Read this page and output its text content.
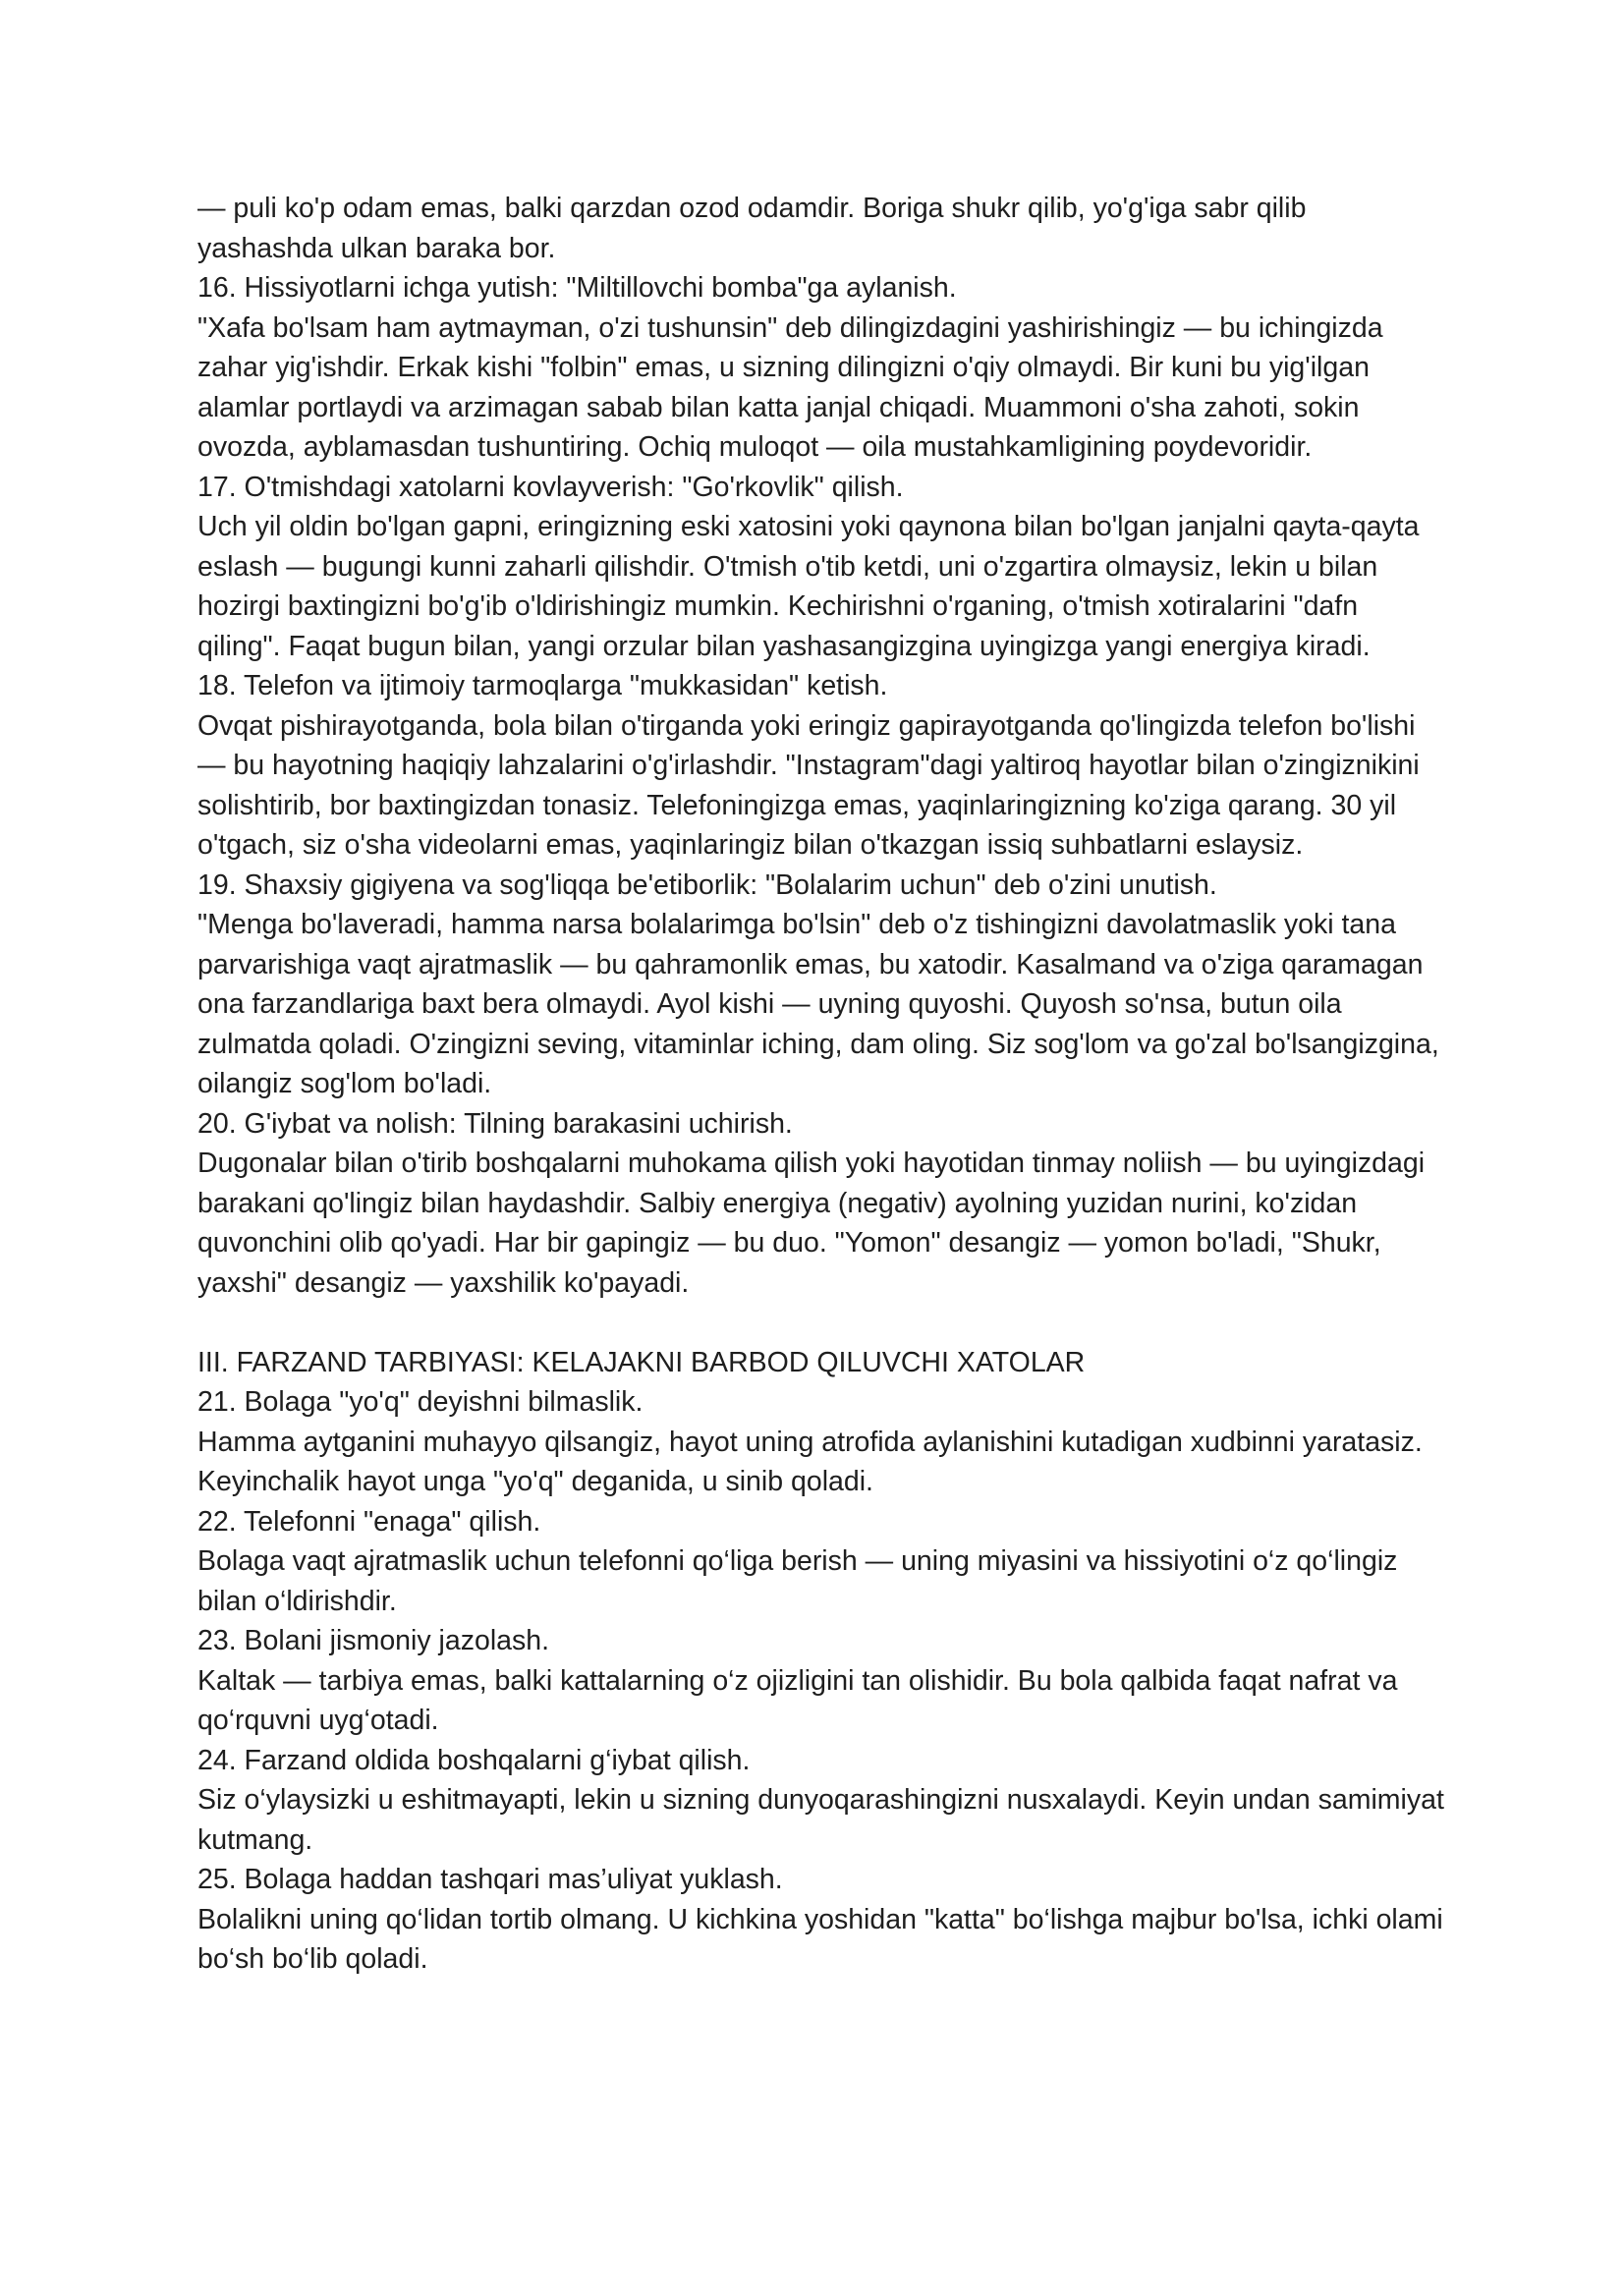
— puli ko'p odam emas, balki qarzdan ozod odamdir. Boriga shukr qilib, yo'g'iga sabr qilib yashashda ulkan baraka bor.

16. Hissiyotlarni ichga yutish: "Miltillovchi bomba"ga aylanish.

"Xafa bo'lsam ham aytmayman, o'zi tushunsin" deb dilingizdagini yashirishingiz — bu ichingizda zahar yig'ishdir. Erkak kishi "folbin" emas, u sizning dilingizni o'qiy olmaydi. Bir kuni bu yig'ilgan alamlar portlaydi va arzimagan sabab bilan katta janjal chiqadi. Muammoni o'sha zahoti, sokin ovozda, ayblamasdan tushuntiring. Ochiq muloqot — oila mustahkamligining poydevoridir.

17. O'tmishdagi xatolarni kovlayverish: "Go'rkovlik" qilish.

Uch yil oldin bo'lgan gapni, eringizning eski xatosini yoki qaynona bilan bo'lgan janjalni qayta-qayta eslash — bugungi kunni zaharli qilishdir. O'tmish o'tib ketdi, uni o'zgartira olmaysiz, lekin u bilan hozirgi baxtingizni bo'g'ib o'ldirishingiz mumkin. Kechirishni o'rganing, o'tmish xotiralarini "dafn qiling". Faqat bugun bilan, yangi orzular bilan yashasangizgina uyingizga yangi energiya kiradi.

18. Telefon va ijtimoiy tarmoqlarga "mukkasidan" ketish.

Ovqat pishirayotganda, bola bilan o'tirganda yoki eringiz gapirayotganda qo'lingizda telefon bo'lishi — bu hayotning haqiqiy lahzalarini o'g'irlashdir. "Instagram"dagi yaltiroq hayotlar bilan o'zingiznikini solishtirib, bor baxtingizdan tonasiz. Telefoningizga emas, yaqinlaringizning ko'ziga qarang. 30 yil o'tgach, siz o'sha videolarni emas, yaqinlaringiz bilan o'tkazgan issiq suhbatlarni eslaysiz.

19. Shaxsiy gigiyena va sog'liqqa be'etiborlik: "Bolalarim uchun" deb o'zini unutish.

"Menga bo'laveradi, hamma narsa bolalarimga bo'lsin" deb o'z tishingizni davolatmaslik yoki tana parvarishiga vaqt ajratmaslik — bu qahramonlik emas, bu xatodir. Kasalmand va o'ziga qaramagan ona farzandlariga baxt bera olmaydi. Ayol kishi — uyning quyoshi. Quyosh so'nsa, butun oila zulmatda qoladi. O'zingizni seving, vitaminlar iching, dam oling. Siz sog'lom va go'zal bo'lsangizgina, oilangiz sog'lom bo'ladi.

20. G'iybat va nolish: Tilning barakasini uchirish.

Dugonalar bilan o'tirib boshqalarni muhokama qilish yoki hayotidan tinmay noliish — bu uyingizdagi barakani qo'lingiz bilan haydashdir. Salbiy energiya (negativ) ayolning yuzidan nurini, ko'zidan quvonchini olib qo'yadi. Har bir gapingiz — bu duo. "Yomon" desangiz — yomon bo'ladi, "Shukr, yaxshi" desangiz — yaxshilik ko'payadi.

III. FARZAND TARBIYASI: KELAJAKNI BARBOD QILUVCHI XATOLAR

21. Bolaga "yo'q" deyishni bilmaslik.

Hamma aytganini muhayyo qilsangiz, hayot uning atrofida aylanishini kutadigan xudbinni yaratasiz. Keyinchalik hayot unga "yo'q" deganida, u sinib qoladi.

22. Telefonni "enaga" qilish.

Bolaga vaqt ajratmaslik uchun telefonni qo‘liga berish — uning miyasini va hissiyotini o‘z qo‘lingiz bilan o‘ldirishdir.

23. Bolani jismoniy jazolash.

Kaltak — tarbiya emas, balki kattalarning o‘z ojizligini tan olishidir. Bu bola qalbida faqat nafrat va qo‘rquvni uyg‘otadi.

24. Farzand oldida boshqalarni g‘iybat qilish.

Siz o‘ylaysizki u eshitmayapti, lekin u sizning dunyoqarashingizni nusxalaydi. Keyin undan samimiyat kutmang.

25. Bolaga haddan tashqari mas’uliyat yuklash.

Bolalikni uning qo‘lidan tortib olmang. U kichkina yoshidan "katta" bo‘lishga majbur bo'lsa, ichki olami bo‘sh bo‘lib qoladi.
